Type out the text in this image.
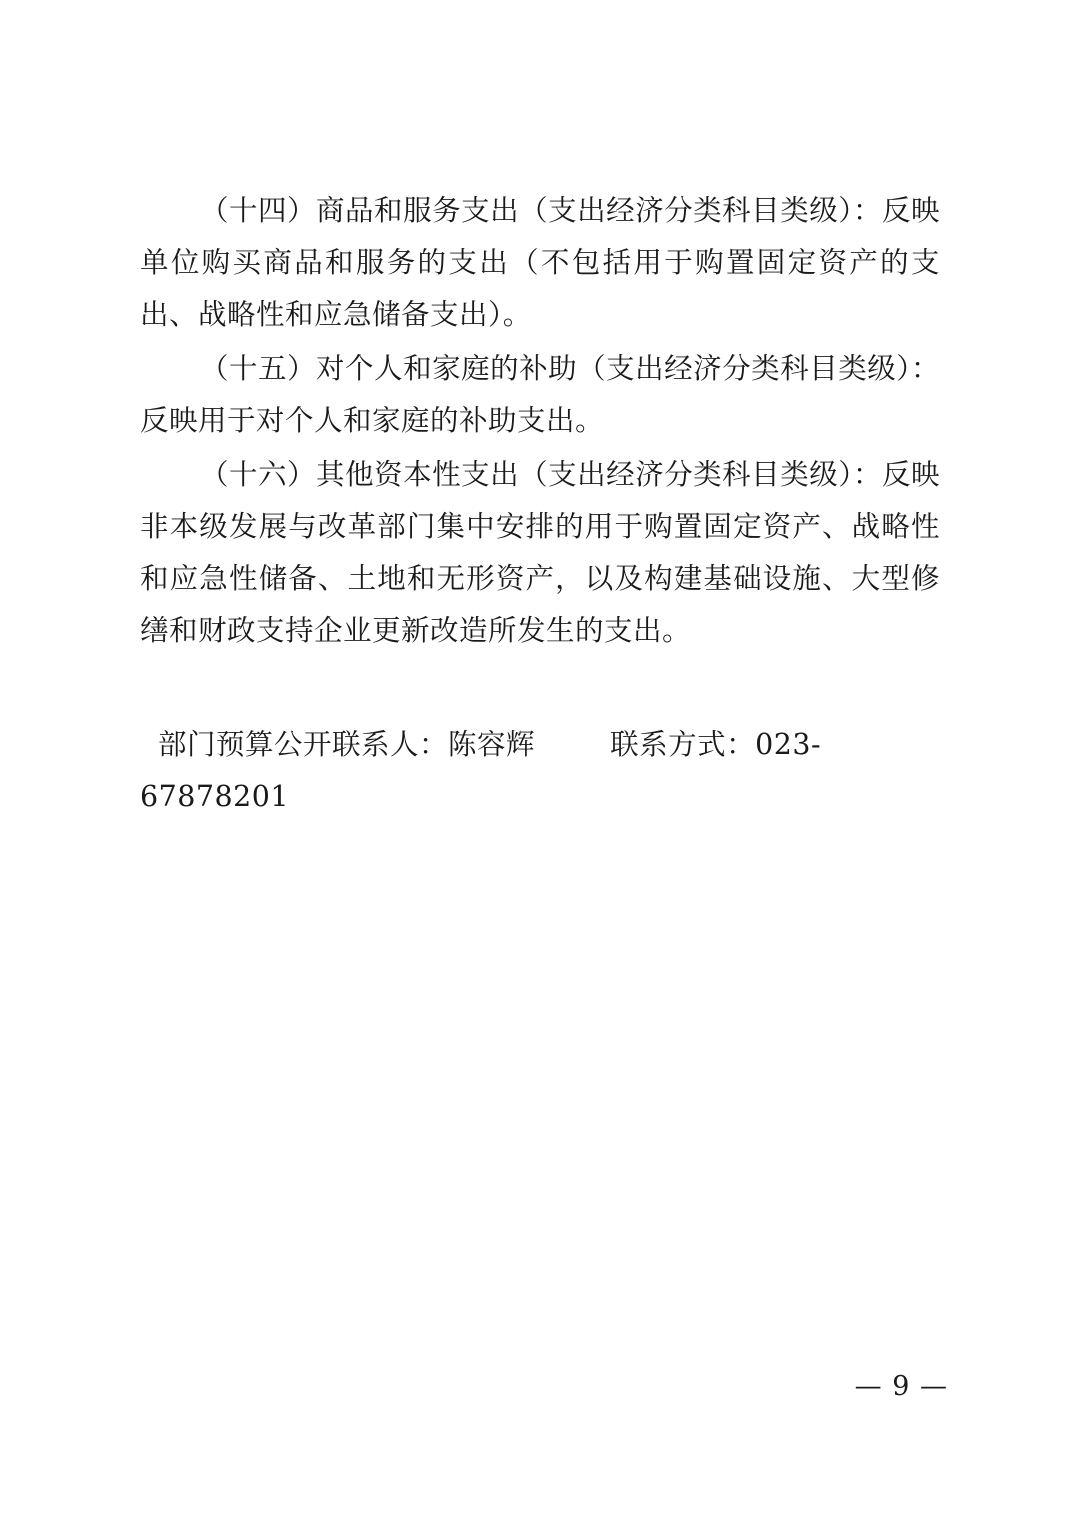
（十四）商品和服务支出（支出经济分类科目类级）：反映单位购买商品和服务的支出（不包括用于购置固定资产的支出、战略性和应急储备支出）。

（十五）对个人和家庭的补助（支出经济分类科目类级）：反映用于对个人和家庭的补助支出。

（十六）其他资本性支出（支出经济分类科目类级）：反映非本级发展与改革部门集中安排的用于购置固定资产、战略性和应急性储备、土地和无形资产，以及构建基础设施、大型修缮和财政支持企业更新改造所发生的支出。

部门预算公开联系人：陈容辉	联系方式：023-67878201
— 9 —
